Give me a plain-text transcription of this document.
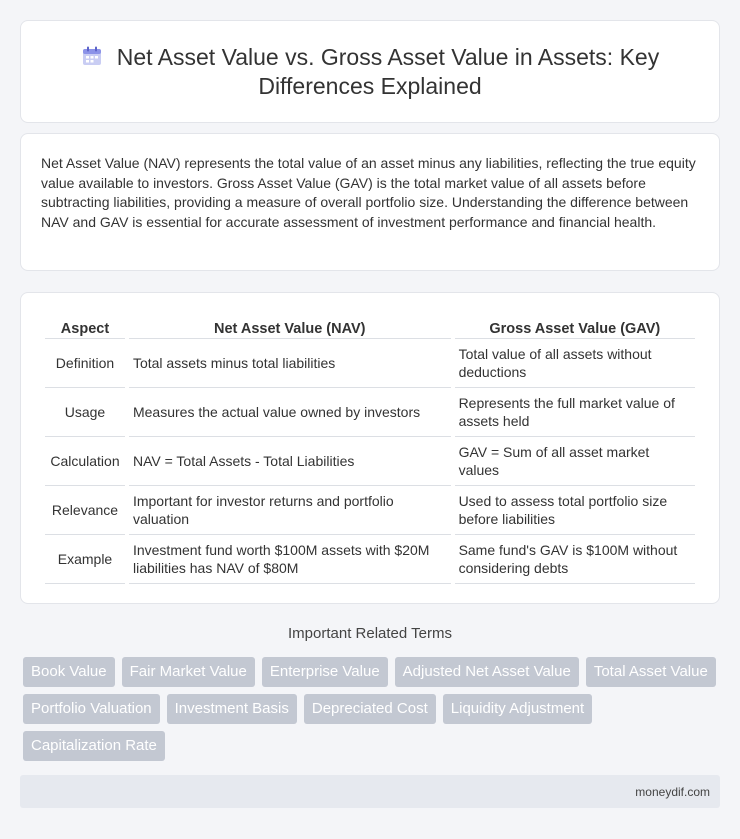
Net Asset Value vs. Gross Asset Value in Assets: Key Differences Explained

Net Asset Value (NAV) represents the total value of an asset minus any liabilities, reflecting the true equity value available to investors. Gross Asset Value (GAV) is the total market value of all assets before subtracting liabilities, providing a measure of overall portfolio size. Understanding the difference between NAV and GAV is essential for accurate assessment of investment performance and financial health.

Aspect	Net Asset Value (NAV)	Gross Asset Value (GAV)
Definition	Total assets minus total liabilities	Total value of all assets without deductions
Usage	Measures the actual value owned by investors	Represents the full market value of assets held
Calculation	NAV = Total Assets - Total Liabilities	GAV = Sum of all asset market values
Relevance	Important for investor returns and portfolio valuation	Used to assess total portfolio size before liabilities
Example	Investment fund worth $100M assets with $20M liabilities has NAV of $80M	Same fund's GAV is $100M without considering debts
Important Related Terms
Book Value	Fair Market Value	Enterprise Value	Adjusted Net Asset Value	Total Asset Value
Portfolio Valuation	Investment Basis	Depreciated Cost	Liquidity Adjustment
Capitalization Rate
moneydif.com
